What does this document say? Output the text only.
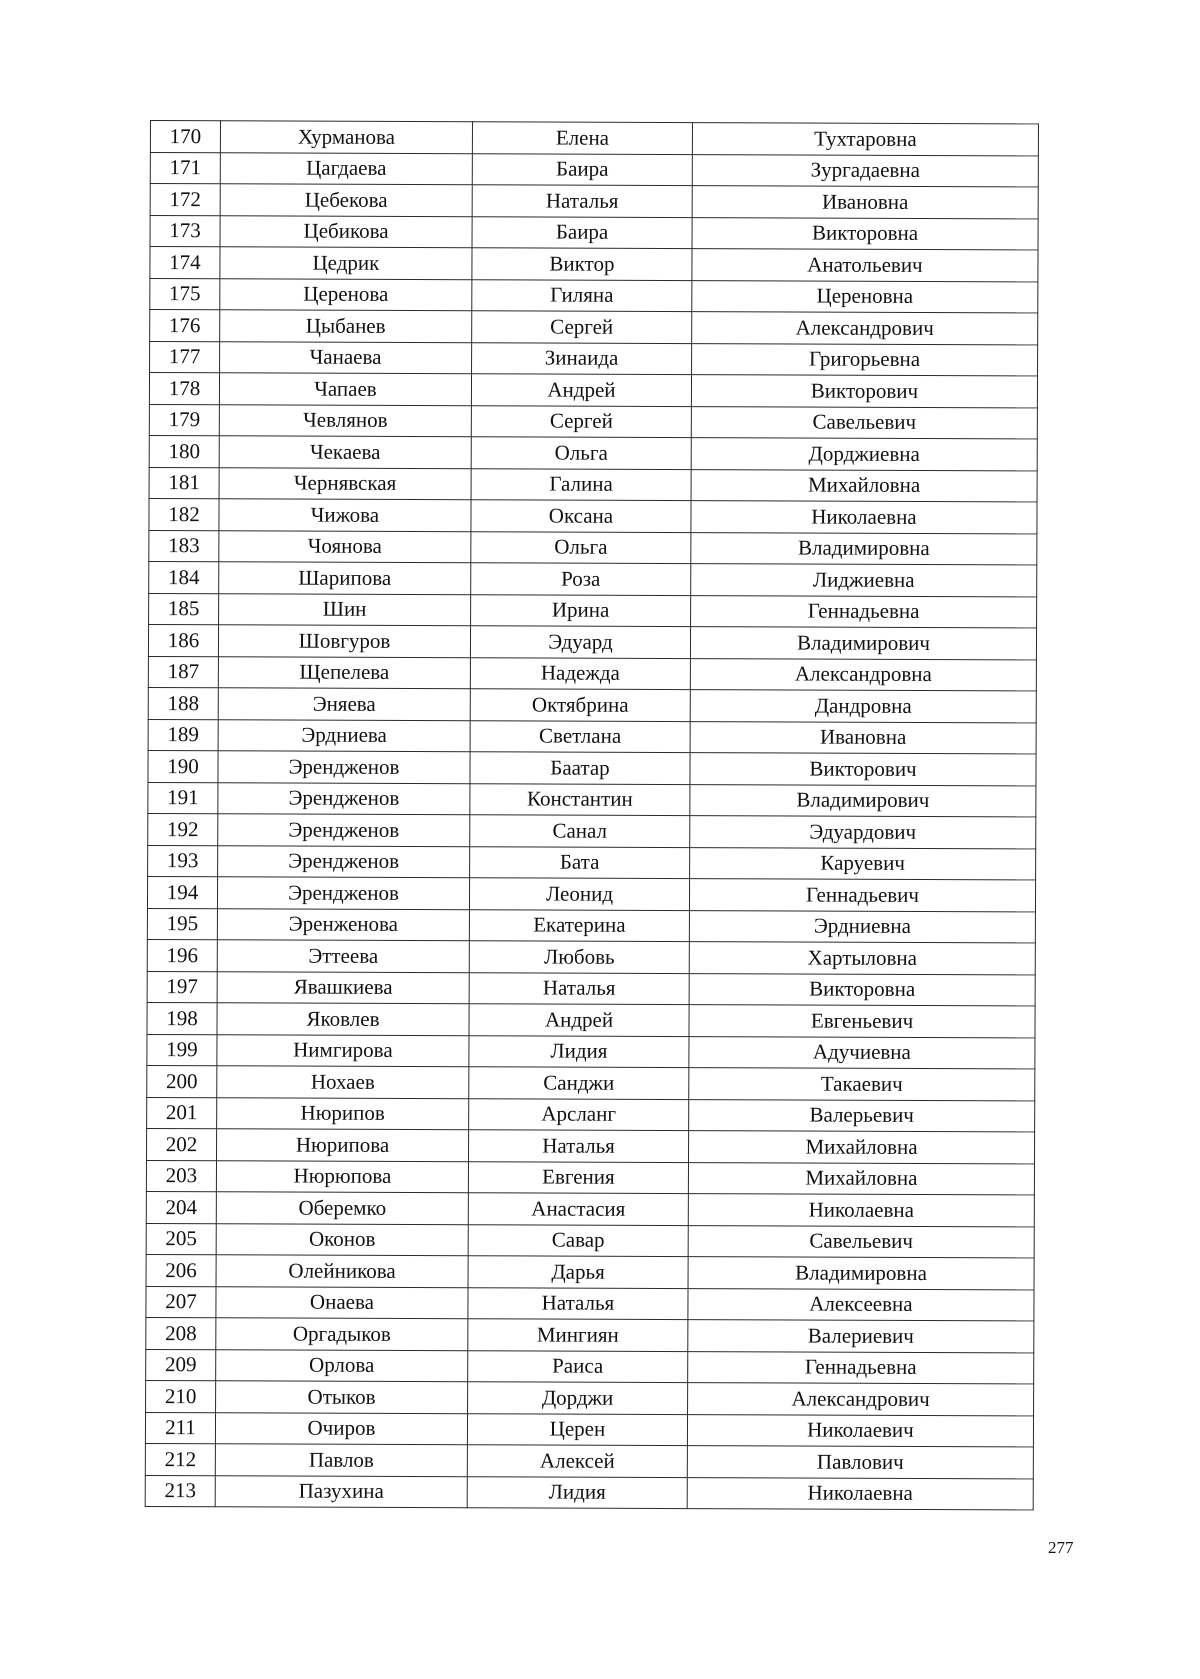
170	Хурманова	Елена	Тухтаровна
171	Цагдаева	Баира	Зургадаевна
172	Цебекова	Наталья	Ивановна
173	Цебикова	Баира	Викторовна
174	Цедрик	Виктор	Анатольевич
175	Церенова	Гиляна	Цереновна
176	Цыбанев	Сергей	Александрович
177	Чанаева	Зинаида	Григорьевна
178	Чапаев	Андрей	Викторович
179	Чевлянов	Сергей	Савельевич
180	Чекаева	Ольга	Дорджиевна
181	Чернявская	Галина	Михайловна
182	Чижова	Оксана	Николаевна
183	Чоянова	Ольга	Владимировна
184	Шарипова	Роза	Лиджиевна
185	Шин	Ирина	Геннадьевна
186	Шовгуров	Эдуард	Владимирович
187	Щепелева	Надежда	Александровна
188	Эняева	Октябрина	Дандровна
189	Эрдниева	Светлана	Ивановна
190	Эрендженов	Баатар	Викторович
191	Эрендженов	Константин	Владимирович
192	Эрендженов	Санал	Эдуардович
193	Эрендженов	Бата	Каруевич
194	Эрендженов	Леонид	Геннадьевич
195	Эренженова	Екатерина	Эрдниевна
196	Эттеева	Любовь	Хартыловна
197	Явашкиева	Наталья	Викторовна
198	Яковлев	Андрей	Евгеньевич
199	Нимгирова	Лидия	Адучиевна
200	Нохаев	Санджи	Такаевич
201	Нюрипов	Арсланг	Валерьевич
202	Нюрипова	Наталья	Михайловна
203	Нюрюпова	Евгения	Михайловна
204	Оберемко	Анастасия	Николаевна
205	Оконов	Савар	Савельевич
206	Олейникова	Дарья	Владимировна
207	Онаева	Наталья	Алексеевна
208	Оргадыков	Мингиян	Валериевич
209	Орлова	Раиса	Геннадьевна
210	Отыков	Дорджи	Александрович
211	Очиров	Церен	Николаевич
212	Павлов	Алексей	Павлович
213	Пазухина	Лидия	Николаевна
277
